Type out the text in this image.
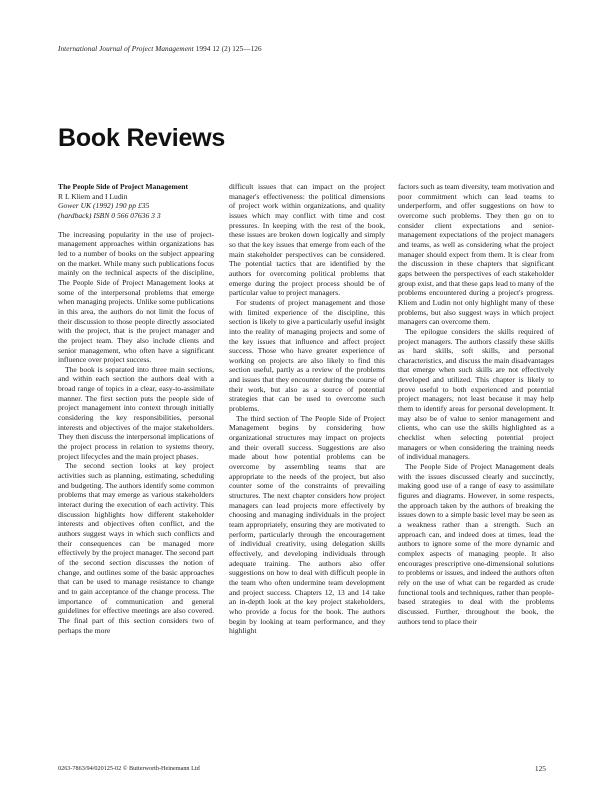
International Journal of Project Management 1994 12 (2) 125—126
Book Reviews

The People Side of Project Management

R L Kliem and I Ludin

Gower UK (1992) 190 pp £35

(hardback) ISBN 0 566 07636 3 3

The increasing popularity in the use of project-management approaches within organizations has led to a number of books on the subject appearing on the market. While many such publications focus mainly on the technical aspects of the discipline, The People Side of Project Management looks at some of the interpersonal problems that emerge when managing projects. Unlike some publications in this area, the authors do not limit the focus of their discussion to those people directly associated with the project, that is the project manager and the project team. They also include clients and senior management, who often have a significant influence over project success.

The book is separated into three main sections, and within each section the authors deal with a broad range of topics in a clear, easy-to-assimilate manner. The first section puts the people side of project management into context through initially considering the key responsibilities, personal interests and objectives of the major stakeholders. They then discuss the interpersonal implications of the project process in relation to systems theory, project lifecycles and the main project phases.

The second section looks at key project activities such as planning, estimating, scheduling and budgeting. The authors identify some common problems that may emerge as various stakeholders interact during the execution of each activity. This discussion highlights how different stakeholder interests and objectives often conflict, and the authors suggest ways in which such conflicts and their consequences can be managed more effectively by the project manager. The second part of the second section discusses the notion of change, and outlines some of the basic approaches that can be used to manage resistance to change and to gain acceptance of the change process. The importance of communication and general guidelines for effective meetings are also covered. The final part of this section considers two of perhaps the more

difficult issues that can impact on the project manager's effectiveness: the political dimensions of project work within organizations, and quality issues which may conflict with time and cost pressures. In keeping with the rest of the book, these issues are broken down logically and simply so that the key issues that emerge from each of the main stakeholder perspectives can be considered. The potential tactics that are identified by the authors for overcoming political problems that emerge during the project process should be of particular value to project managers.

For students of project management and those with limited experience of the discipline, this section is likely to give a particularly useful insight into the reality of managing projects and some of the key issues that influence and affect project success. Those who have greater experience of working on projects are also likely to find this section useful, partly as a review of the problems and issues that they encounter during the course of their work, but also as a source of potential strategies that can be used to overcome such problems.

The third section of The People Side of Project Management begins by considering how organizational structures may impact on projects and their overall success. Suggestions are also made about how potential problems can be overcome by assembling teams that are appropriate to the needs of the project, but also counter some of the constraints of prevailing structures. The next chapter considers how project managers can lead projects more effectively by choosing and managing individuals in the project team appropriately, ensuring they are motivated to perform, particularly through the encouragement of individual creativity, using delegation skills effectively, and developing individuals through adequate training. The authors also offer suggestions on how to deal with difficult people in the team who often undermine team development and project success. Chapters 12, 13 and 14 take an in-depth look at the key project stakeholders, who provide a focus for the book. The authors begin by looking at team performance, and they highlight

factors such as team diversity, team motivation and poor commitment which can lead teams to underperform, and offer suggestions on how to overcome such problems. They then go on to consider client expectations and senior-management expectations of the project managers and teams, as well as considering what the project manager should expect from them. It is clear from the discussion in these chapters that significant gaps between the perspectives of each stakeholder group exist, and that these gaps lead to many of the problems encountered during a project's progress. Kliem and Ludin not only highlight many of these problems, but also suggest ways in which project managers can overcome them.

The epilogue considers the skills required of project managers. The authors classify these skills as hard skills, soft skills, and personal characteristics, and discuss the main disadvantages that emerge when such skills are not effectively developed and utilized. This chapter is likely to prove useful to both experienced and potential project managers, not least because it may help them to identify areas for personal development. It may also be of value to senior management and clients, who can use the skills highlighted as a checklist when selecting potential project managers or when considering the training needs of individual managers.

The People Side of Project Management deals with the issues discussed clearly and succinctly, making good use of a range of easy to assimilate figures and diagrams. However, in some respects, the approach taken by the authors of breaking the issues down to a simple basic level may be seen as a weakness rather than a strength. Such an approach can, and indeed does at times, lead the authors to ignore some of the more dynamic and complex aspects of managing people. It also encourages prescriptive one-dimensional solutions to problems or issues, and indeed the authors often rely on the use of what can be regarded as crude functional tools and techniques, rather than people-based strategies to deal with the problems discussed. Further, throughout the book, the authors tend to place their

0263-7863/94/020125-02 © Butterworth-Heinemann Ltd	125
